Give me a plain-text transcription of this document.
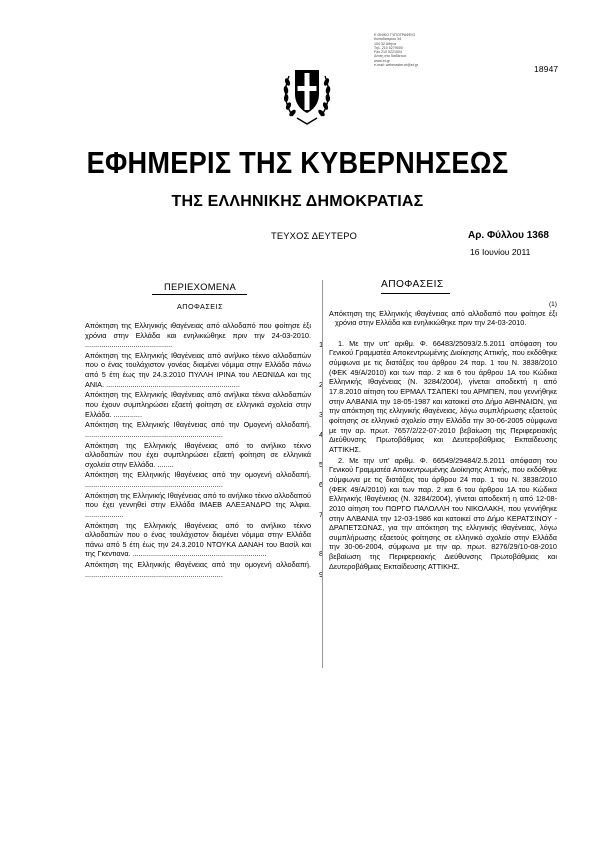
Ε ΘΝΙΚΟ ΤΥΠΟΓΡΑΦΕΙΟ
Καποδιστρίου 34
104 32 Αθήνα
Τηλ. 210 5279000
Fax 210 5221004
Δ/νση στο διαδίκτυο:
www.et.gr
e-mail: webmaster.et@et.gr	18947
ΕΦΗΜΕΡΙΣ ΤΗΣ ΚΥΒΕΡΝΗΣΕΩΣ
ΤΗΣ ΕΛΛΗΝΙΚΗΣ ΔΗΜΟΚΡΑΤΙΑΣ
ΤΕΥΧΟΣ ΔΕΥΤΕΡΟ	Αρ. Φύλλου 1368
16 Ιουνίου 2011
ΠΕΡΙΕΧΟΜΕΝΑ
ΑΠΟΦΑΣΕΙΣ
Απόκτηση της Ελληνικής ιθαγένειας από αλλοδαπό που φοίτησε έξι χρόνια στην Ελλάδα και ενηλικιώθηκε πριν την 24-03-2010. ...........................................	1
Απόκτηση της Ελληνικής Ιθαγένειας από ανήλικο τέκνο αλλοδαπών που ο ένας τουλάχιστον γονέας διαμένει νόμιμα στην Ελλάδα πάνω από 5 έτη έως την 24.3.2010 ΠΥΛΛΗ ΙΡΙΝΑ του ΛΕΩΝΙΔΑ και της ΑΝΙΑ. ..................................................................	2
Απόκτηση της Ελληνικής Ιθαγένειας από ανήλικα τέκνα αλλοδαπών που έχουν συμπληρώσει εξαετή φοίτηση σε ελληνικά σχολεία στην Ελλάδα. ..............	3
Απόκτηση της Ελληνικής Ιθαγένειας από την Ομογενή αλλοδαπή. ....................................................................	4
Απόκτηση της Ελληνικής Ιθαγένειας από το ανήλικο τέκνο αλλοδαπών που έχει συμπληρώσει εξαετή φοίτηση σε ελληνικά σχολεία στην Ελλάδα. ........	5
Απόκτηση της Ελληνικής Ιθαγένειας από την ομογενή αλλοδαπή. ....................................................................	6
Απόκτηση της Ελληνικής Ιθαγένειας από το ανήλικο τέκνο αλλοδαπού που έχει γεννηθεί στην Ελλάδα ΙΜΑΕΒ ΑΛΕΞΑΝΔΡΟ της Άλφια. ...................	7
Απόκτηση της Ελληνικής Ιθαγένειας από το ανήλικο τέκνο αλλοδαπών που ο ένας τουλάχιστον διαμένει νόμιμα στην Ελλάδα πάνω από 5 έτη έως την 24.3.2010 ΝΤΟΥΚΑ ΔΑΝΑΗ του Βασίλ και της Γκεντιανα. ..................................................................	8
Απόκτηση της Ελληνικής ιθαγένειας από την ομογενή αλλοδαπή. ....................................................................	9
ΑΠΟΦΑΣΕΙΣ
(1)
Απόκτηση της Ελληνικής ιθαγένειας από αλλοδαπό που φοίτησε έξι χρόνια στην Ελλάδα και ενηλικιώθηκε πριν την 24-03-2010.
1. Με την υπ' αριθμ. Φ. 66483/25093/2.5.2011 απόφαση του Γενικού Γραμματέα Αποκεντρωμένης Διοίκησης Αττικής, που εκδόθηκε σύμφωνα με τις διατάξεις του άρθρου 24 παρ. 1 του Ν. 3838/2010 (ΦΕΚ 49/Α/2010) και των παρ. 2 και 6 του άρθρου 1Α του Κώδικα Ελληνικής Ιθαγένειας (Ν. 3284/2004), γίνεται αποδεκτή η από 17.8.2010 αίτηση του ΕΡΜΑΛ ΤΣΑΠΕΚΙ του ΑΡΜΠΕΝ, που γεννήθηκε στην ΑΛΒΑΝΙΑ την 18-05-1987 και κατοικεί στο Δήμο ΑΘΗΝΑΙΩΝ, για την απόκτηση της ελληνικής ιθαγένειας, λόγω συμπλήρωσης εξαετούς φοίτησης σε ελληνικό σχολείο στην Ελλάδα την 30-06-2005 σύμφωνα με την αρ. πρωτ. 7657/2/22-07-2010 βεβαίωση της Περιφερειακής Διεύθυνσης Πρωτοβάθμιας και Δευτεροβάθμιας Εκπαίδευσης ΑΤΤΙΚΗΣ.
2. Με την υπ' αριθμ. Φ. 66549/29484/2.5.2011 απόφαση του Γενικού Γραμματέα Αποκεντρωμένης Διοίκησης Αττικής, που εκδόθηκε σύμφωνα με τις διατάξεις του άρθρου 24 παρ. 1 του Ν. 3838/2010 (ΦΕΚ 49/Α/2010) και των παρ. 2 και 6 του άρθρου 1Α του Κώδικα Ελληνικής Ιθαγένειας (Ν. 3284/2004), γίνεται αποδεκτή η από 12-08-2010 αίτηση του ΠΩΡΓΟ ΠΑΛΟΛΛΗ του ΝΙΚΟΛΑΚΗ, που γεννήθηκε στην ΑΛΒΑΝΙΑ την 12-03-1986 και κατοικεί στο Δήμο ΚΕΡΑΤΣΙΝΟΥ - ΔΡΑΠΕΤΣΩΝΑΣ, για την απόκτηση της ελληνικής ιθαγένειας, λόγω συμπλήρωσης εξαετούς φοίτησης σε ελληνικό σχολείο στην Ελλάδα την 30-06-2004, σύμφωνα με την αρ. πρωτ. 8276/29/10-08-2010 βεβαίωση της Περιφερειακής Διεύθυνσης Πρωτοβάθμιας και Δευτεροβάθμιας Εκπαίδευσης ΑΤΤΙΚΗΣ.
